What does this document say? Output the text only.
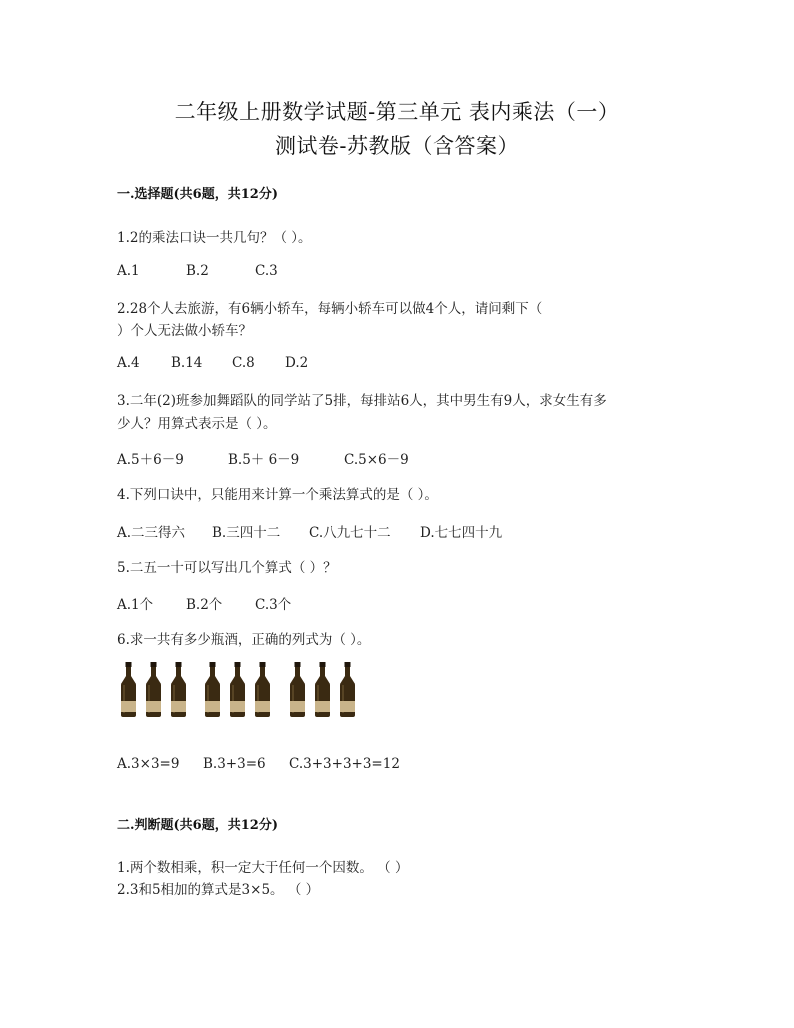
二年级上册数学试题-第三单元 表内乘法（一）
测试卷-苏教版（含答案）
一.选择题(共6题，共12分)
1.2的乘法口诀一共几句？（ ）。
A.1	B.2	C.3
2.28个人去旅游，有6辆小轿车，每辆小轿车可以做4个人，请问剩下（
）个人无法做小轿车？
A.4 B.14 C.8 D.2
3.二年(2)班参加舞蹈队的同学站了5排，每排站6人，其中男生有9人，求女生有多
少人？用算式表示是（ ）。
A.5＋6－9	B.5＋ 6－9	C.5×6－9
4.下列口诀中，只能用来计算一个乘法算式的是（ ）。
A.二三得六 B.三四十二 C.八九七十二 D.七七四十九
5.二五一十可以写出几个算式（ ）？
A.1个 B.2个 C.3个
6.求一共有多少瓶酒，正确的列式为（ ）。
A.3×3=9 B.3+3=6 C.3+3+3+3=12
二.判断题(共6题，共12分)
1.两个数相乘，积一定大于任何一个因数。 （ ）
2.3和5相加的算式是3×5。 （ ）
